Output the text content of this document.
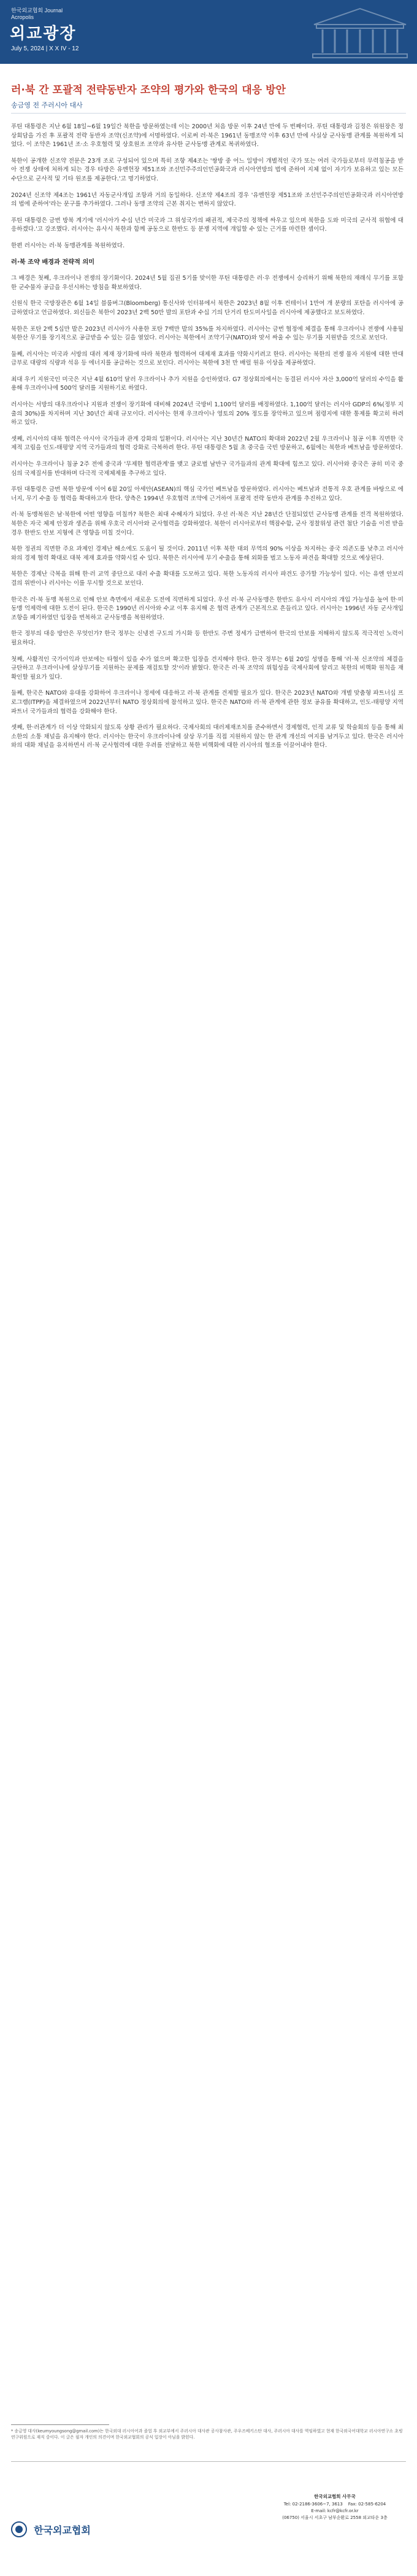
한국외교협회 Journal
Acropolis
외교광장
July 5, 2024 | X X IV - 12
러·북 간 포괄적 전략동반자 조약의 평가와 한국의 대응 방안
송금영 전 주러시아 대사

푸틴 대통령은 지난 6월 18일~6월 19일간 북한을 방문하였는데 이는 2000년 처음 방문 이후 24년 만에 두 번째이다. 푸틴 대통령과 김정은 위원장은 정상회담을 가진 후 포괄적 전략 동반자 조약(신조약)에 서명하였다. 이로써 러·북은 1961년 동맹조약 이후 63년 만에 사실상 군사동맹 관계를 복원하게 되었다. 이 조약은 1961년 조·소 우호협력 및 상호원조 조약과 유사한 군사동맹 관계로 복귀하였다.

북한이 공개한 신조약 전문은 23개 조로 구성되어 있으며 특히 조항 제4조는 '쌍방 중 어느 일방이 개별적인 국가 또는 여러 국가들로부터 무력침공을 받아 전쟁 상태에 처하게 되는 경우 타방은 유엔헌장 제51조와 조선민주주의인민공화국과 러시아연방의 법에 준하여 지체 없이 자기가 보유하고 있는 모든 수단으로 군사적 및 기타 원조를 제공한다.'고 명기하였다.

2024년 신조약 제4조는 1961년 자동군사개입 조항과 거의 동일하다. 신조약 제4조의 경우 '유엔헌장 제51조와 조선민주주의인민공화국과 러시아연방의 법에 준하여'라는 문구를 추가하였다. 그러나 동맹 조약의 근본 취지는 변하지 않았다.

푸틴 대통령은 금번 방북 계기에 '러시아가 수십 년간 미국과 그 위성국가의 패권적, 제국주의 정책에 싸우고 있으며 북한을 도와 미국의 군사적 위협에 대응하겠다.'고 강조했다. 러시아는 유사시 북한과 함께 공동으로 한반도 등 분쟁 지역에 개입할 수 있는 근거를 마련한 셈이다.

한편 러시아는 러·북 동맹관계를 복원하였다.

러·북 조약 배경과 전략적 의미

그 배경은 첫째, 우크라이나 전쟁의 장기화이다. 2024년 5월 집권 5기를 맞이한 푸틴 대통령은 러·우 전쟁에서 승리하기 위해 북한의 재래식 무기를 포함한 군수물자 공급을 우선시하는 방침을 확보하였다.

신원식 한국 국방장관은 6월 14일 블룸버그(Bloomberg) 통신사와 인터뷰에서 북한은 2023년 8월 이후 컨테이너 1만여 개 분량의 포탄을 러시아에 공급하였다고 언급하였다. 외신들은 북한이 2023년 2백 50만 발의 포탄과 수십 기의 단거리 탄도미사일을 러시아에 제공했다고 보도하였다.

북한은 포탄 2백 5십만 발은 2023년 러시아가 사용한 포탄 7백만 발의 35%를 차지하였다. 러시아는 금번 협정에 체결을 통해 우크라이나 전쟁에 사용될 북한산 무기를 장기적으로 공급받을 수 있는 길을 열었다. 러시아는 북한에서 조약기구(NATO)와 맞서 싸울 수 있는 무기를 지원받을 것으로 보인다.

둘째, 러시아는 미국과 서방의 대러 제재 장기화에 따라 북한과 협력하여 대제재 효과를 약화시키려고 한다. 러시아는 북한의 전쟁 물자 지원에 대한 반대급부로 대량의 식량과 석유 등 에너지를 공급하는 것으로 보인다. 러시아는 북한에 3천 만 배럴 원유 이상을 제공하였다.

최대 우키 지원국인 미국은 지난 4월 610억 달러 우크라이나 추가 지원을 승인하였다. G7 정상회의에서는 동결된 러시아 자산 3,000억 달러의 수익을 활용해 우크라이나에 500억 달러를 지원하기로 하였다.

러시아는 서방의 대우크라이나 지원과 전쟁이 장기화에 대비해 2024년 국방비 1,100억 달러를 배정하였다. 1,100억 달러는 러시아 GDP의 6%(정부 지출의 30%)를 차지하며 지난 30년간 최대 규모이다. 러시아는 현재 우크라이나 영토의 20% 정도를 장악하고 있으며 점령지에 대한 통제를 확고히 하려 하고 있다.

셋째, 러시아의 대북 협력은 아시아 국가들과 관계 강화의 일환이다. 러시아는 지난 30년간 NATO의 확대와 2022년 2월 우크라이나 침공 이후 직면한 국제적 고립을 인도-태평양 지역 국가들과의 협력 강화로 극복하려 한다. 푸틴 대통령은 5월 초 중국을 국빈 방문하고, 6월에는 북한과 베트남을 방문하였다.

러시아는 우크라이나 침공 2주 전에 중국과 '무제한 협력관계'를 맺고 글로벌 남반구 국가들과의 관계 확대에 힘쓰고 있다. 러시아와 중국은 공히 미국 중심의 국제질서를 반대하며 다극적 국제체제를 추구하고 있다.

푸틴 대통령은 금번 북한 방문에 이어 6월 20일 아세안(ASEAN)의 핵심 국가인 베트남을 방문하였다. 러시아는 베트남과 전통적 우호 관계를 바탕으로 에너지, 무기 수출 등 협력을 확대하고자 한다. 양측은 1994년 우호협력 조약에 근거하여 포괄적 전략 동반자 관계를 추진하고 있다.

러·북 동맹복원은 남·북한에 어떤 영향을 미칠까? 북한은 최대 수혜자가 되었다. 우선 러·북은 지난 28년간 단절되었던 군사동맹 관계를 전격 복원하였다. 북한은 자국 체제 안정과 생존을 위해 우호국 러시아와 군사협력을 강화하였다. 북한이 러시아로부터 핵잠수함, 군사 정찰위성 관련 첨단 기술을 이전 받을 경우 한반도 안보 지형에 큰 영향을 미칠 것이다.

북한 정권의 직면한 주요 과제인 경제난 해소에도 도움이 될 것이다. 2011년 이후 북한 대외 무역의 90% 이상을 차지하는 중국 의존도를 낮추고 러시아와의 경제 협력 확대로 대북 제재 효과를 약화시킬 수 있다. 북한은 러시아에 무기 수출을 통해 외화를 벌고 노동자 파견을 확대할 것으로 예상된다.

북한은 경제난 극복을 위해 한·러 교역 중단으로 대러 수출 확대를 도모하고 있다. 북한 노동자의 러시아 파견도 증가할 가능성이 있다. 이는 유엔 안보리 결의 위반이나 러시아는 이를 무시할 것으로 보인다.

한국은 러·북 동맹 복원으로 인해 안보 측면에서 새로운 도전에 직면하게 되었다. 우선 러·북 군사동맹은 한반도 유사시 러시아의 개입 가능성을 높여 한·미 동맹 억제력에 대한 도전이 된다. 한국은 1990년 러시아와 수교 이후 유지해 온 협력 관계가 근본적으로 흔들리고 있다. 러시아는 1996년 자동 군사개입 조항을 폐기하였던 입장을 번복하고 군사동맹을 복원하였다.

한국 정부의 대응 방안은 무엇인가? 한국 정부는 신냉전 구도의 가시화 등 한반도 주변 정세가 급변하여 한국의 안보를 저해하지 않도록 적극적인 노력이 필요하다.

첫째, 사활적인 국가이익과 안보에는 타협이 있을 수가 없으며 확고한 입장을 견지해야 한다. 한국 정부는 6월 20일 성명을 통해 '러·북 신조약의 체결을 규탄하고 우크라이나에 살상무기를 지원하는 문제를 재검토할 것'이라 밝혔다. 한국은 러·북 조약의 위험성을 국제사회에 알리고 북한의 비핵화 원칙을 재확인할 필요가 있다.

둘째, 한국은 NATO와 유대를 강화하여 우크라이나 정세에 대응하고 러·북 관계를 견제할 필요가 있다. 한국은 2023년 NATO와 개별 맞춤형 파트너십 프로그램(ITPP)을 체결하였으며 2022년부터 NATO 정상회의에 참석하고 있다. 한국은 NATO와 러·북 관계에 관한 정보 공유를 확대하고, 인도-태평양 지역 파트너 국가들과의 협력을 강화해야 한다.

셋째, 한·러관계가 더 이상 악화되지 않도록 상황 관리가 필요하다. 국제사회의 대러제재조치를 준수하면서 경제협력, 인적 교류 및 학술회의 등을 통해 최소한의 소통 채널을 유지해야 한다. 러시아는 한국이 우크라이나에 살상 무기를 직접 지원하지 않는 한 관계 개선의 여지를 남겨두고 있다. 한국은 러시아와의 대화 채널을 유지하면서 러·북 군사협력에 대한 우려를 전달하고 북한 비핵화에 대한 러시아의 협조를 이끌어내야 한다.

* 송금영 대사(keumyoungsong@gmail.com)는 한국외대 러시아어과 졸업 후 외교부에서 주러시아 대사관 공사참사관, 주우즈베키스탄 대사, 주러시아 대사를 역임하였고 현재 한국외국어대학교 러시아연구소 초빙연구위원으로 재직 중이다. 이 글은 필자 개인의 의견이며 한국외교협회의 공식 입장이 아님을 밝힌다.
한국외교협회
한국외교협회 사무국
Tel: 02-2186-3606~7, 3613 Fax: 02-585-6204
E-mail: kcfr@kcfr.or.kr
(06750) 서울시 서초구 남부순환로 2558 외교타운 3층
